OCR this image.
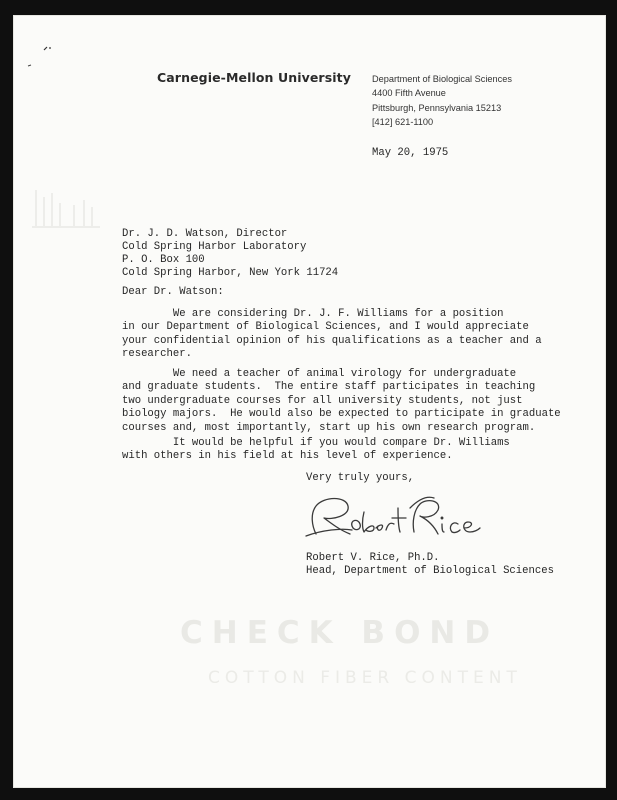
Carnegie-Mellon University Department of Biological Sciences
4400 Fifth Avenue
Pittsburgh, Pennsylvania 15213
[412] 621-1100
May 20, 1975
Dr. J. D. Watson, Director
Cold Spring Harbor Laboratory
P. O. Box 100
Cold Spring Harbor, New York 11724
Dear Dr. Watson:
We are considering Dr. J. F. Williams for a position
in our Department of Biological Sciences, and I would appreciate
your confidential opinion of his qualifications as a teacher and a
researcher.
We need a teacher of animal virology for undergraduate
and graduate students.  The entire staff participates in teaching
two undergraduate courses for all university students, not just
biology majors.  He would also be expected to participate in graduate
courses and, most importantly, start up his own research program.
It would be helpful if you would compare Dr. Williams
with others in his field at his level of experience.
Very truly yours,
Robert V. Rice, Ph.D.
Head, Department of Biological Sciences
CHECK BOND
COTTON FIBER CONTENT
